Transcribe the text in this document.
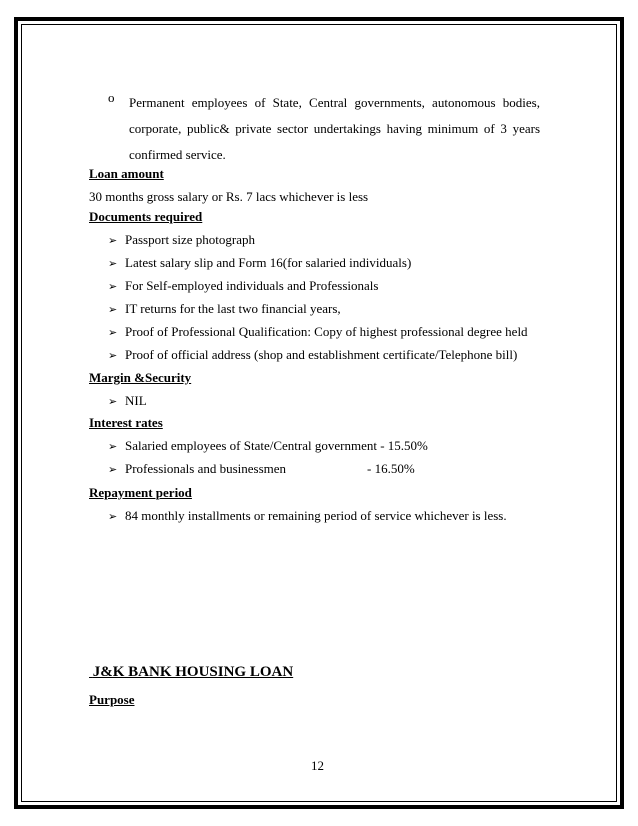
o Permanent employees of State, Central governments, autonomous bodies,
corporate, public& private sector undertakings having minimum of 3 years
confirmed service.
Loan amount
30 months gross salary or Rs. 7 lacs whichever is less
Documents required
➢ Passport size photograph
➢ Latest salary slip and Form 16(for salaried individuals)
➢ For Self-employed individuals and Professionals
➢ IT returns for the last two financial years,
➢ Proof of Professional Qualification: Copy of highest professional degree held
➢ Proof of official address (shop and establishment certificate/Telephone bill)
Margin &Security
➢ NIL
Interest rates
➢ Salaried employees of State/Central government - 15.50%
➢ Professionals and businessmen	- 16.50%
Repayment period
➢ 84 monthly installments or remaining period of service whichever is less.
J&K BANK HOUSING LOAN
Purpose
12
